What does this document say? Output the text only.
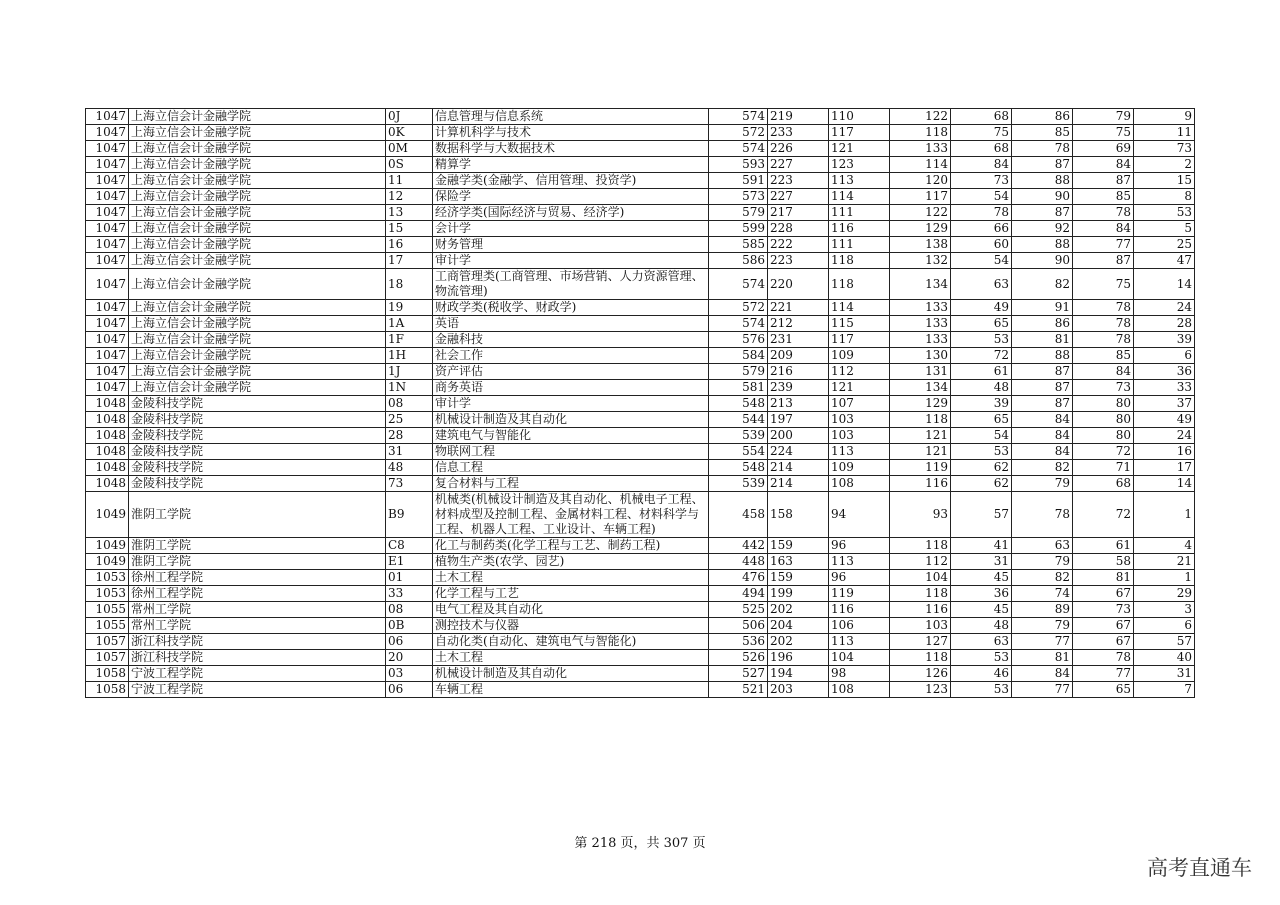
1047	上海立信会计金融学院	0J	信息管理与信息系统	574	219	110	122	68	86	79	9
1047	上海立信会计金融学院	0K	计算机科学与技术	572	233	117	118	75	85	75	11
1047	上海立信会计金融学院	0M	数据科学与大数据技术	574	226	121	133	68	78	69	73
1047	上海立信会计金融学院	0S	精算学	593	227	123	114	84	87	84	2
1047	上海立信会计金融学院	11	金融学类(金融学、信用管理、投资学)	591	223	113	120	73	88	87	15
1047	上海立信会计金融学院	12	保险学	573	227	114	117	54	90	85	8
1047	上海立信会计金融学院	13	经济学类(国际经济与贸易、经济学)	579	217	111	122	78	87	78	53
1047	上海立信会计金融学院	15	会计学	599	228	116	129	66	92	84	5
1047	上海立信会计金融学院	16	财务管理	585	222	111	138	60	88	77	25
1047	上海立信会计金融学院	17	审计学	586	223	118	132	54	90	87	47
1047	上海立信会计金融学院	18	工商管理类(工商管理、市场营销、人力资源管理、物流管理)	574	220	118	134	63	82	75	14
1047	上海立信会计金融学院	19	财政学类(税收学、财政学)	572	221	114	133	49	91	78	24
1047	上海立信会计金融学院	1A	英语	574	212	115	133	65	86	78	28
1047	上海立信会计金融学院	1F	金融科技	576	231	117	133	53	81	78	39
1047	上海立信会计金融学院	1H	社会工作	584	209	109	130	72	88	85	6
1047	上海立信会计金融学院	1J	资产评估	579	216	112	131	61	87	84	36
1047	上海立信会计金融学院	1N	商务英语	581	239	121	134	48	87	73	33
1048	金陵科技学院	08	审计学	548	213	107	129	39	87	80	37
1048	金陵科技学院	25	机械设计制造及其自动化	544	197	103	118	65	84	80	49
1048	金陵科技学院	28	建筑电气与智能化	539	200	103	121	54	84	80	24
1048	金陵科技学院	31	物联网工程	554	224	113	121	53	84	72	16
1048	金陵科技学院	48	信息工程	548	214	109	119	62	82	71	17
1048	金陵科技学院	73	复合材料与工程	539	214	108	116	62	79	68	14
1049	淮阴工学院	B9	机械类(机械设计制造及其自动化、机械电子工程、材料成型及控制工程、金属材料工程、材料科学与工程、机器人工程、工业设计、车辆工程)	458	158	94	93	57	78	72	1
1049	淮阴工学院	C8	化工与制药类(化学工程与工艺、制药工程)	442	159	96	118	41	63	61	4
1049	淮阴工学院	E1	植物生产类(农学、园艺)	448	163	113	112	31	79	58	21
1053	徐州工程学院	01	土木工程	476	159	96	104	45	82	81	1
1053	徐州工程学院	33	化学工程与工艺	494	199	119	118	36	74	67	29
1055	常州工学院	08	电气工程及其自动化	525	202	116	116	45	89	73	3
1055	常州工学院	0B	测控技术与仪器	506	204	106	103	48	79	67	6
1057	浙江科技学院	06	自动化类(自动化、建筑电气与智能化)	536	202	113	127	63	77	67	57
1057	浙江科技学院	20	土木工程	526	196	104	118	53	81	78	40
1058	宁波工程学院	03	机械设计制造及其自动化	527	194	98	126	46	84	77	31
1058	宁波工程学院	06	车辆工程	521	203	108	123	53	77	65	7
第 218 页，共 307 页
高考直通车
